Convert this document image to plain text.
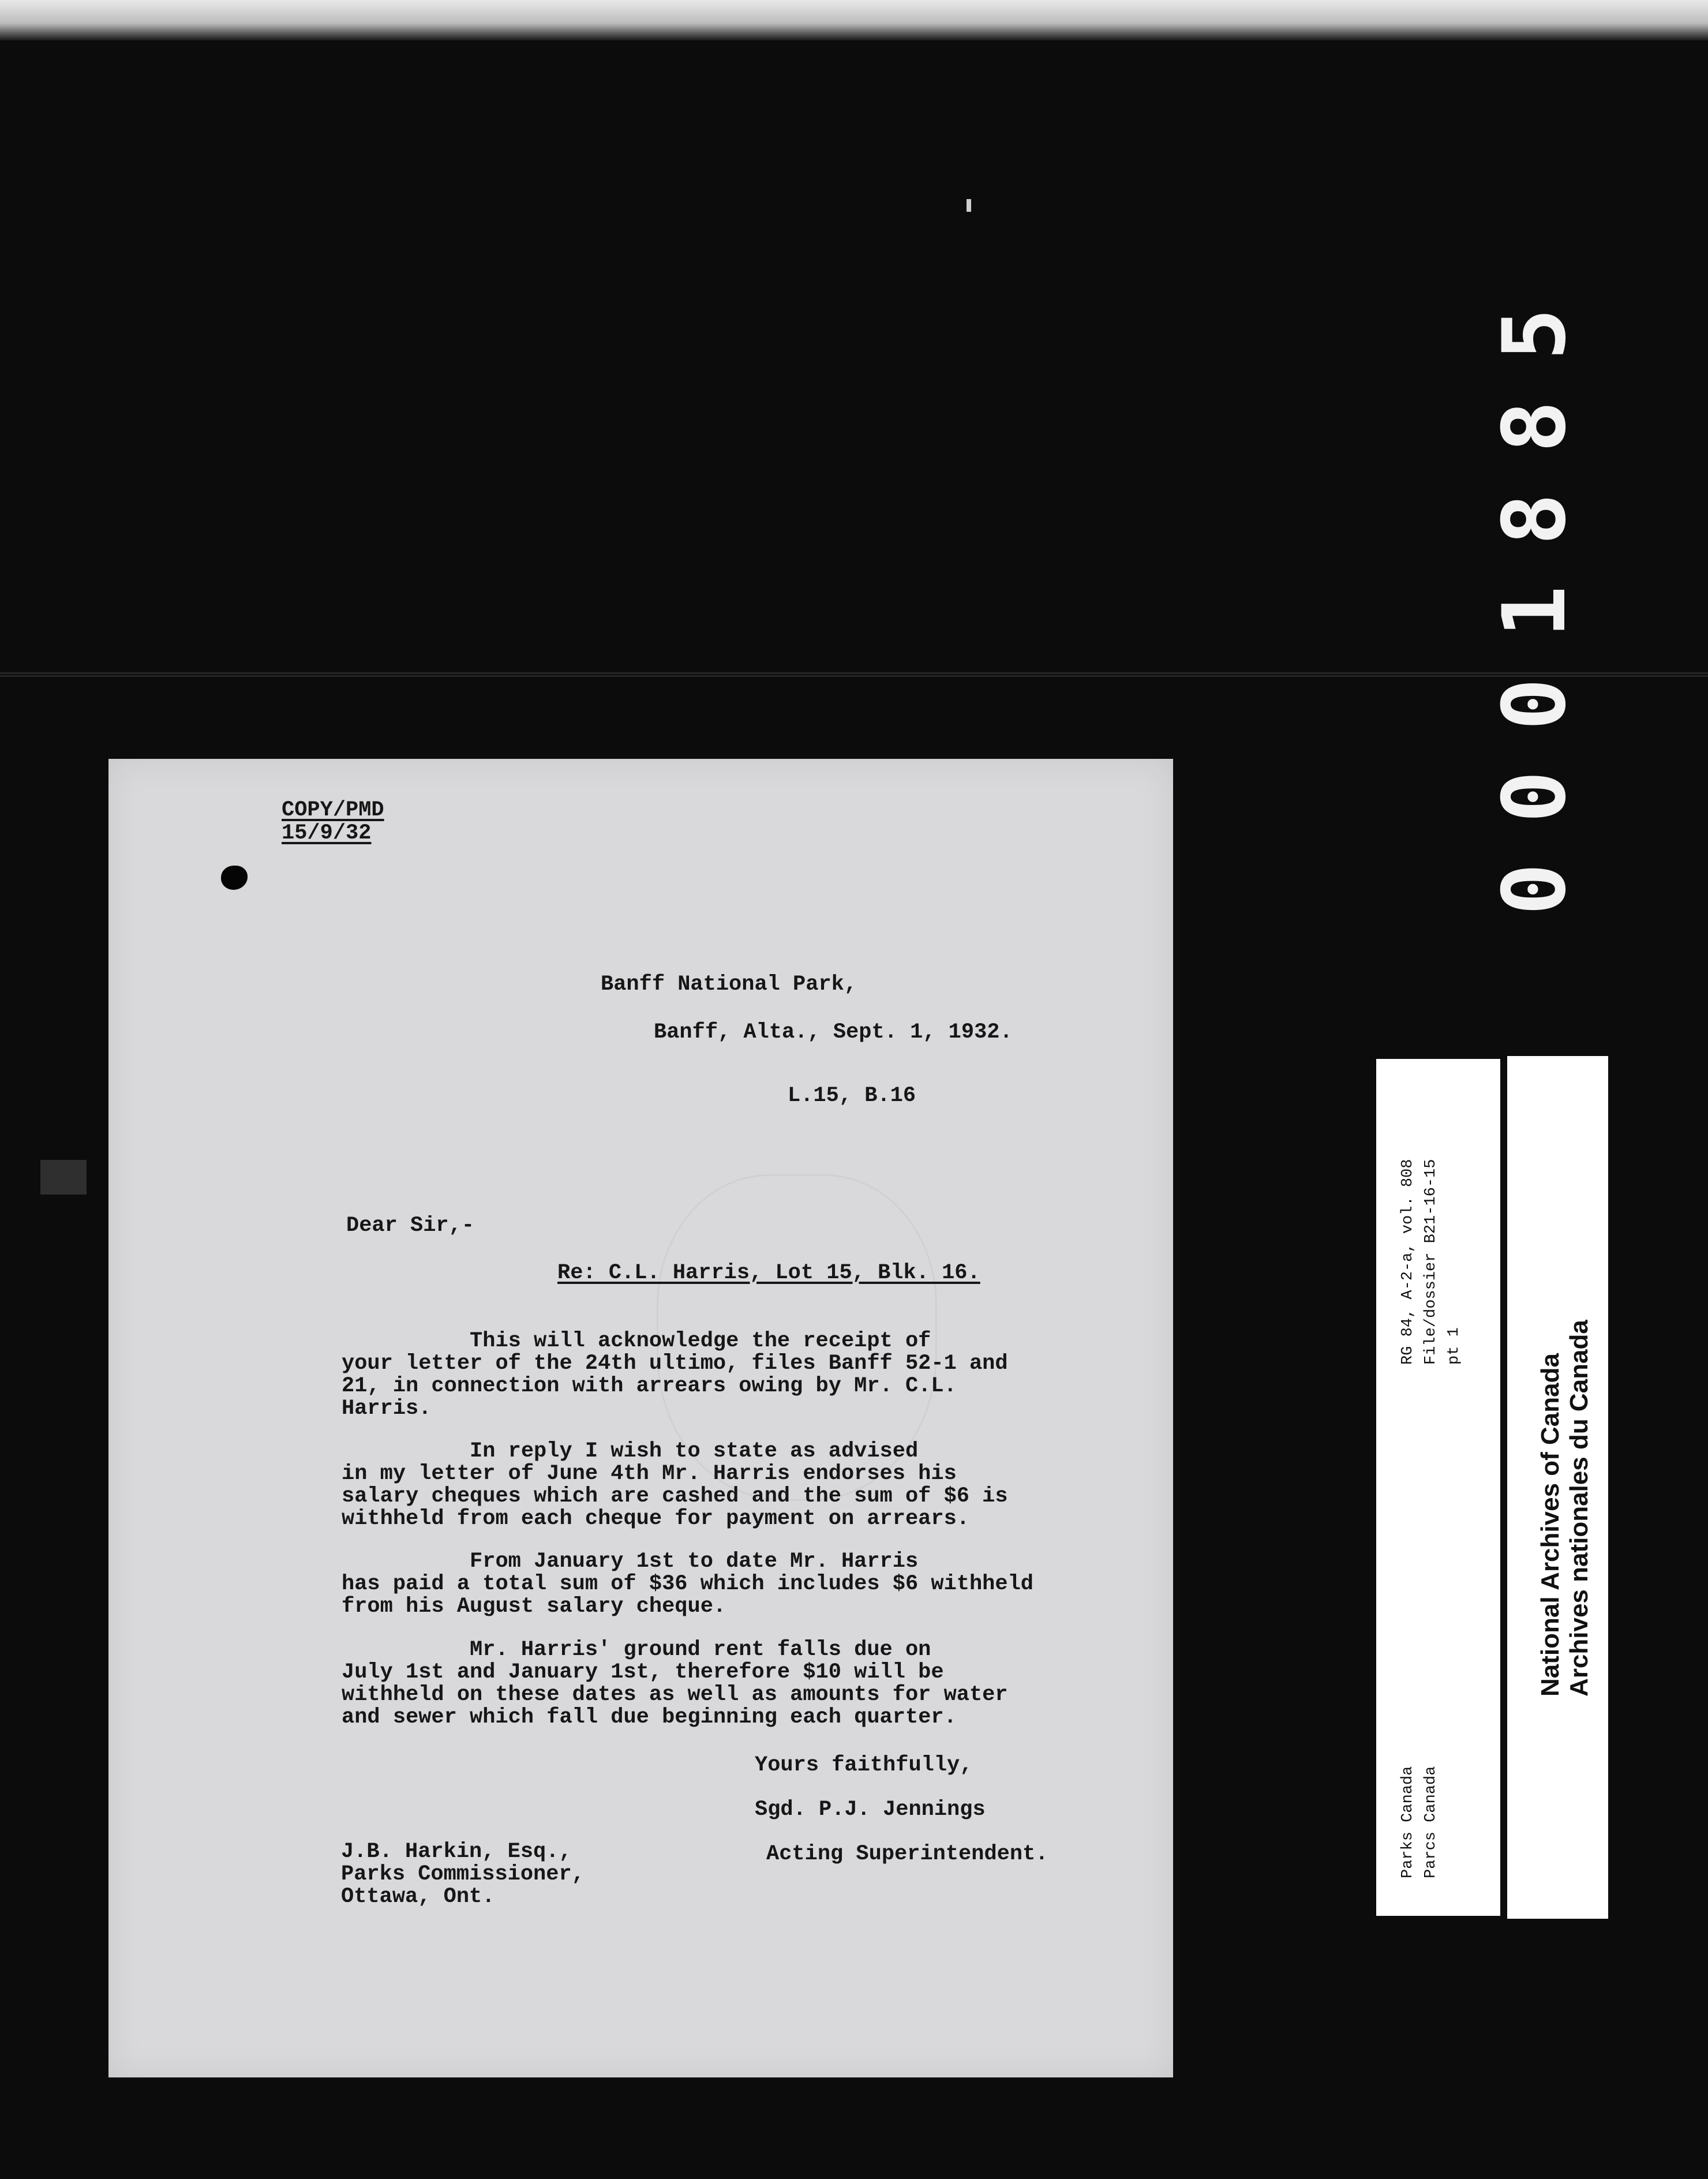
0001885
COPY/PMD
15/9/32
Banff National Park,
Banff, Alta., Sept. 1, 1932.
L.15, B.16
Dear Sir,-
Re: C.L. Harris, Lot 15, Blk. 16.
This will acknowledge the receipt of
your letter of the 24th ultimo, files Banff 52-1 and
21, in connection with arrears owing by Mr. C.L.
Harris.
In reply I wish to state as advised
in my letter of June 4th Mr. Harris endorses his
salary cheques which are cashed and the sum of $6 is
withheld from each cheque for payment on arrears.
From January 1st to date Mr. Harris
has paid a total sum of $36 which includes $6 withheld
from his August salary cheque.
Mr. Harris' ground rent falls due on
July 1st and January 1st, therefore $10 will be
withheld on these dates as well as amounts for water
and sewer which fall due beginning each quarter.
Yours faithfully,
Sgd. P.J. Jennings
Acting Superintendent.
J.B. Harkin, Esq.,
Parks Commissioner,
Ottawa, Ont.
RG 84, A-2-a, vol. 808 File/dossier B21-16-15 pt 1
Parks Canada Parcs Canada
National Archives of Canada Archives nationales du Canada
